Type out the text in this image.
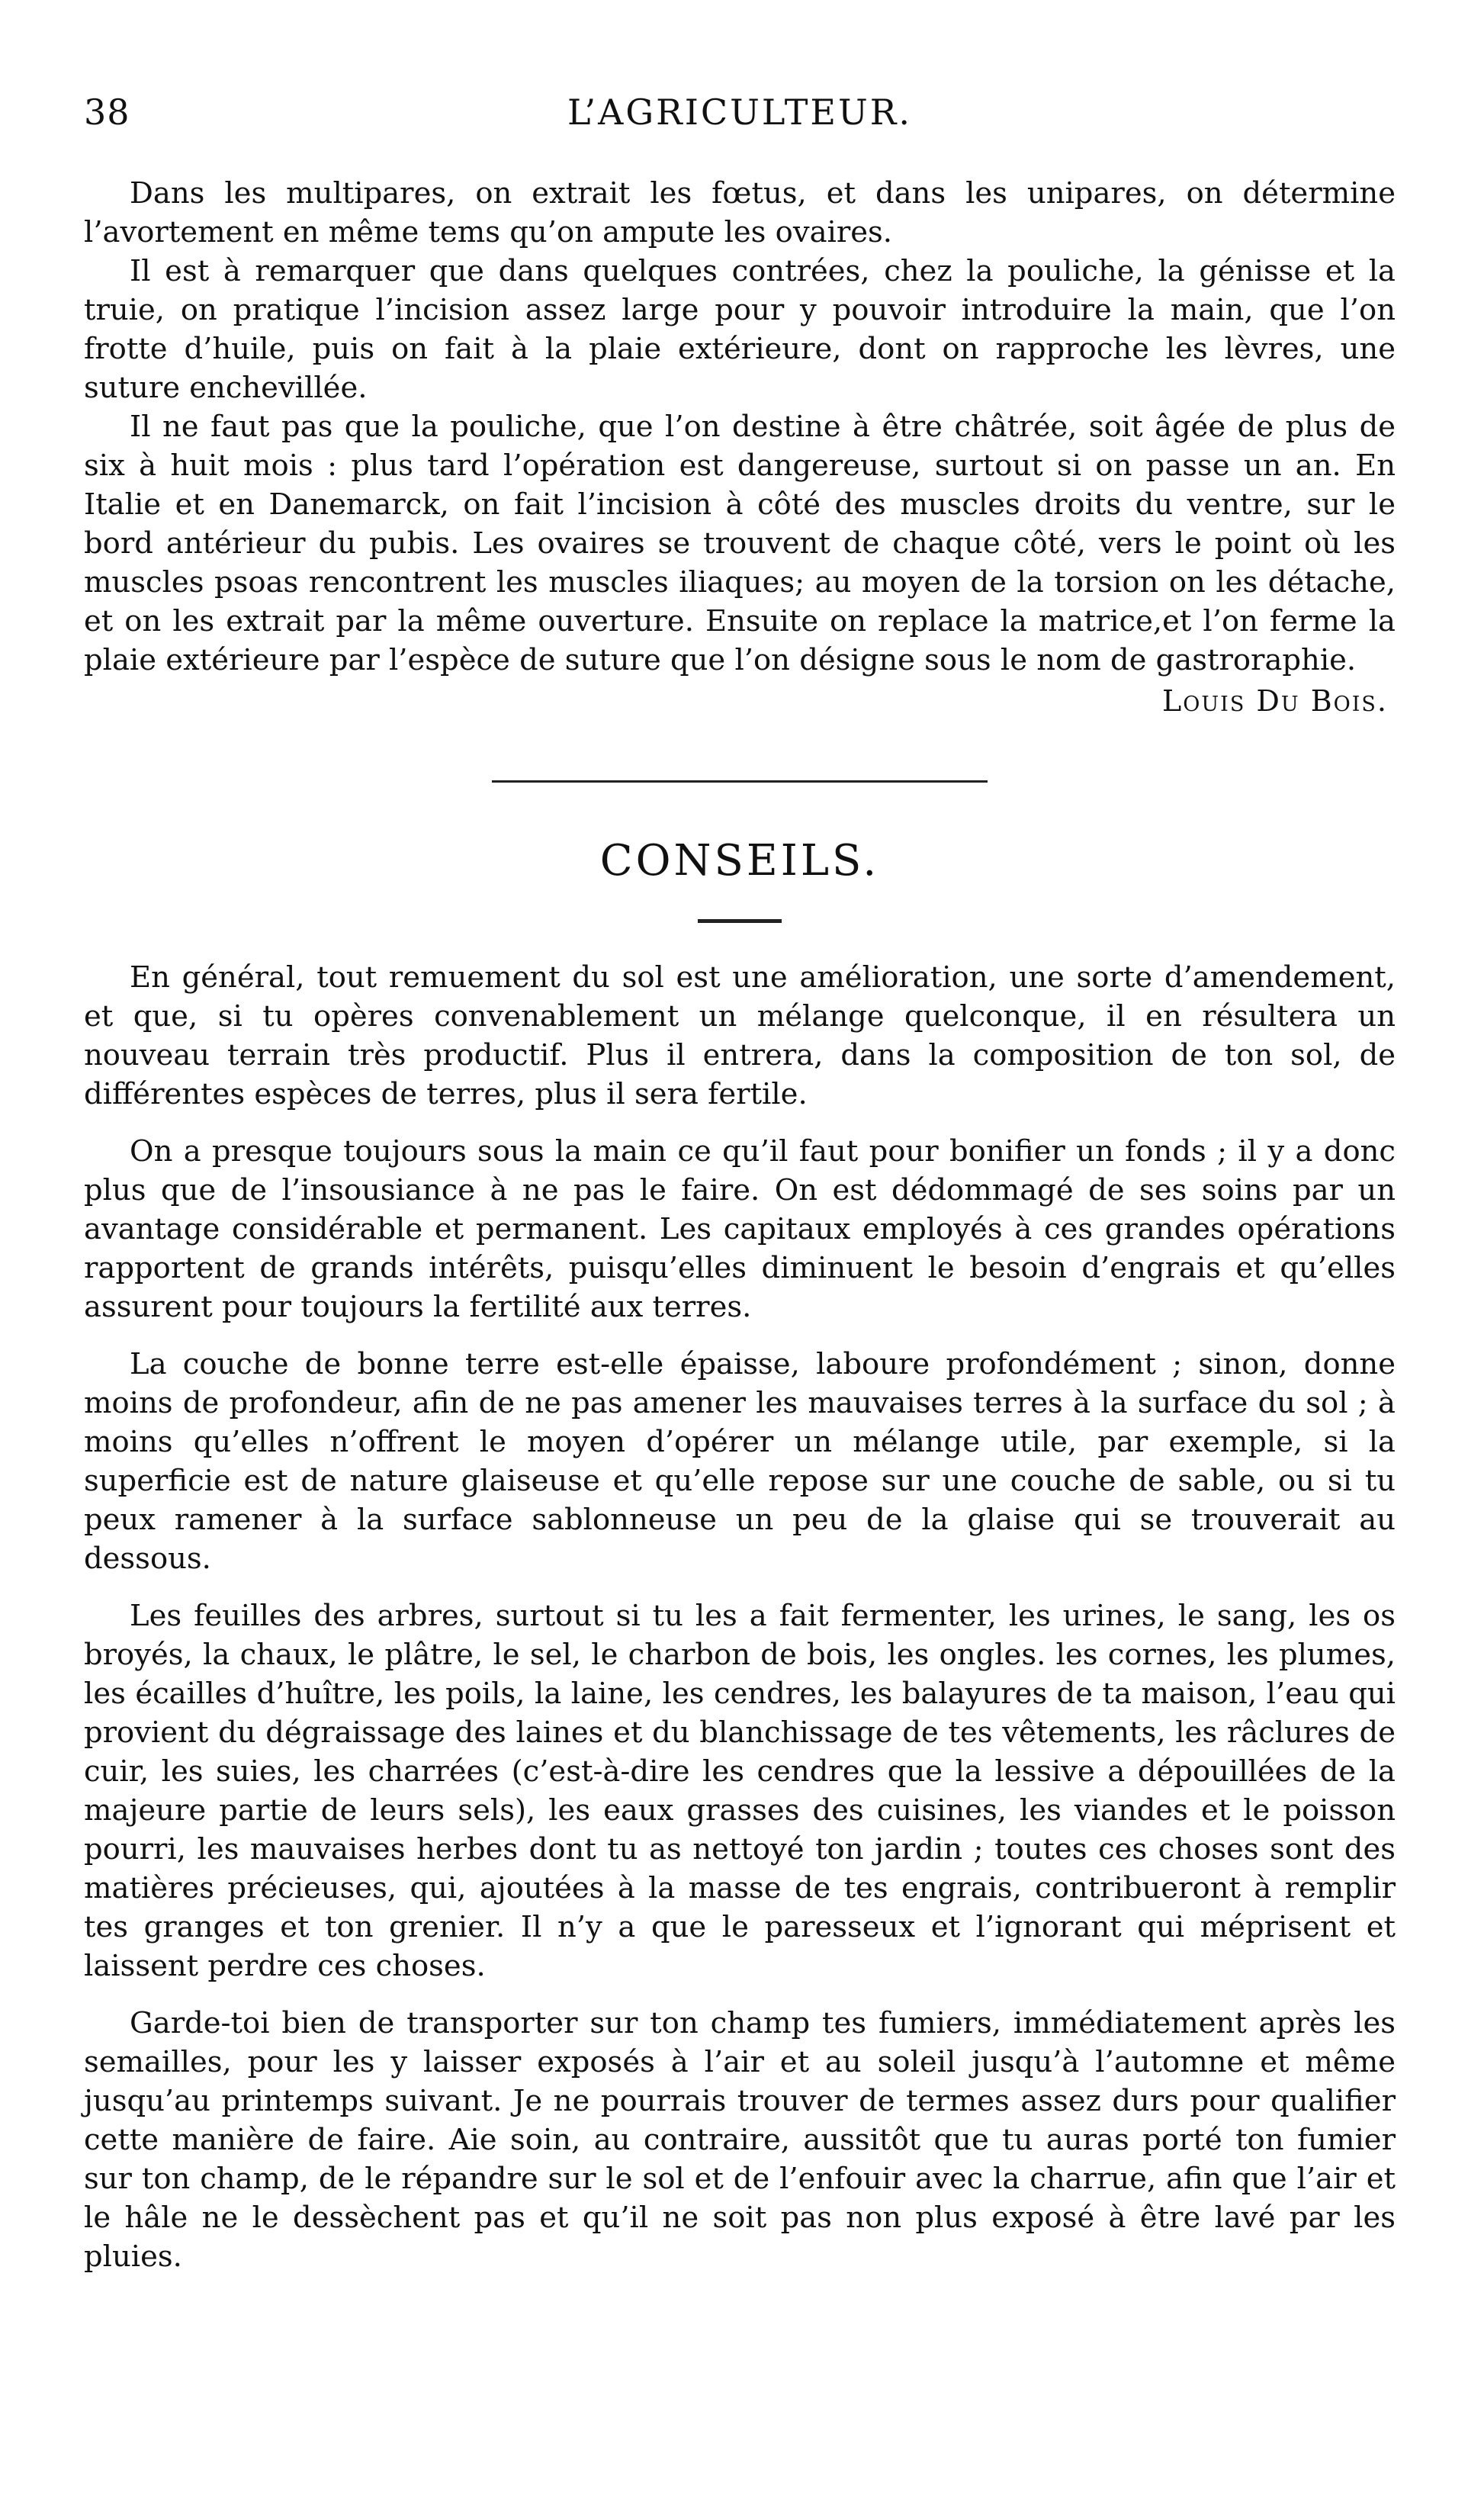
38	L’AGRICULTEUR.

Dans les multipares, on extrait les fœtus, et dans les unipares, on détermine l’avortement en même tems qu’on ampute les ovaires.

Il est à remarquer que dans quelques contrées, chez la pouliche, la génisse et la truie, on pratique l’incision assez large pour y pouvoir introduire la main, que l’on frotte d’huile, puis on fait à la plaie extérieure, dont on rapproche les lèvres, une suture enchevillée.

Il ne faut pas que la pouliche, que l’on destine à être châtrée, soit âgée de plus de six à huit mois : plus tard l’opération est dangereuse, surtout si on passe un an. En Italie et en Danemarck, on fait l’incision à côté des muscles droits du ventre, sur le bord antérieur du pubis. Les ovaires se trouvent de chaque côté, vers le point où les muscles psoas rencontrent les muscles iliaques; au moyen de la torsion on les détache, et on les extrait par la même ouverture. Ensuite on replace la matrice,et l’on ferme la plaie extérieure par l’espèce de suture que l’on désigne sous le nom de gastroraphie.

Louis Du Bois.
CONSEILS.

En général, tout remuement du sol est une amélioration, une sorte d’amendement, et que, si tu opères convenablement un mélange quelconque, il en résultera un nouveau terrain très productif. Plus il entrera, dans la composition de ton sol, de différentes espèces de terres, plus il sera fertile.

On a presque toujours sous la main ce qu’il faut pour bonifier un fonds ; il y a donc plus que de l’insousiance à ne pas le faire. On est dédommagé de ses soins par un avantage considérable et permanent. Les capitaux employés à ces grandes opérations rapportent de grands intérêts, puisqu’elles diminuent le besoin d’engrais et qu’elles assurent pour toujours la fertilité aux terres.

La couche de bonne terre est-elle épaisse, laboure profondément ; sinon, donne moins de profondeur, afin de ne pas amener les mauvaises terres à la surface du sol ; à moins qu’elles n’offrent le moyen d’opérer un mélange utile, par exemple, si la superficie est de nature glaiseuse et qu’elle repose sur une couche de sable, ou si tu peux ramener à la surface sablonneuse un peu de la glaise qui se trouverait au dessous.

Les feuilles des arbres, surtout si tu les a fait fermenter, les urines, le sang, les os broyés, la chaux, le plâtre, le sel, le charbon de bois, les ongles. les cornes, les plumes, les écailles d’huître, les poils, la laine, les cendres, les balayures de ta maison, l’eau qui provient du dégraissage des laines et du blanchissage de tes vêtements, les râclures de cuir, les suies, les charrées (c’est-à-dire les cendres que la lessive a dépouillées de la majeure partie de leurs sels), les eaux grasses des cuisines, les viandes et le poisson pourri, les mauvaises herbes dont tu as nettoyé ton jardin ; toutes ces choses sont des matières précieuses, qui, ajoutées à la masse de tes engrais, contribueront à remplir tes granges et ton grenier. Il n’y a que le paresseux et l’ignorant qui méprisent et laissent perdre ces choses.

Garde-toi bien de transporter sur ton champ tes fumiers, immédiatement après les semailles, pour les y laisser exposés à l’air et au soleil jusqu’à l’automne et même jusqu’au printemps suivant. Je ne pourrais trouver de termes assez durs pour qualifier cette manière de faire. Aie soin, au contraire, aussitôt que tu auras porté ton fumier sur ton champ, de le répandre sur le sol et de l’enfouir avec la charrue, afin que l’air et le hâle ne le dessèchent pas et qu’il ne soit pas non plus exposé à être lavé par les pluies.
